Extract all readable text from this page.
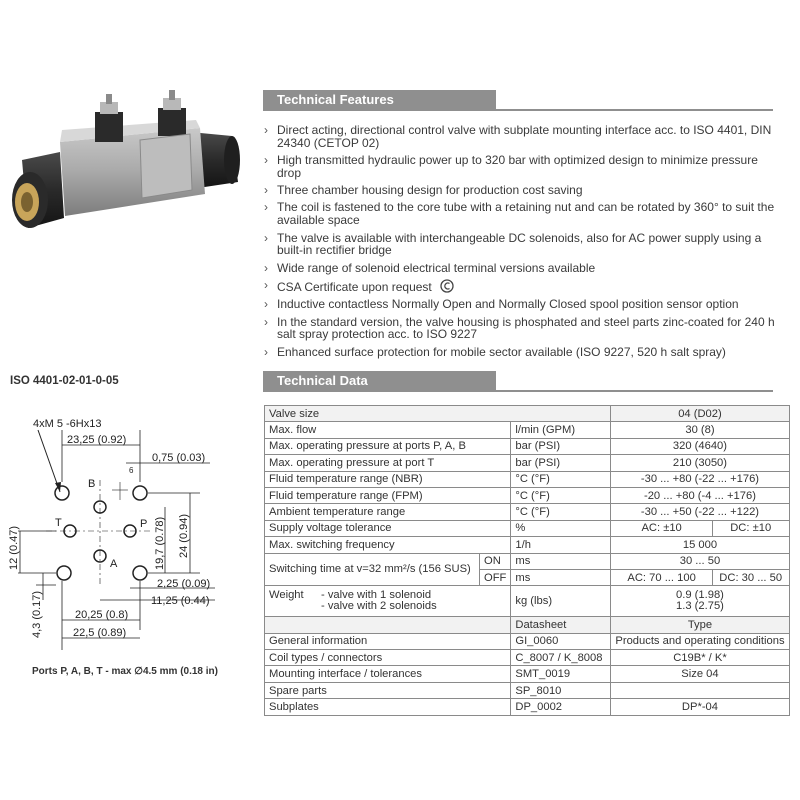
Technical Features
› Direct acting, directional control valve with subplate mounting interface acc. to ISO 4401, DIN 24340 (CETOP 02)
› High transmitted hydraulic power up to 320 bar with optimized design to minimize pressure drop
› Three chamber housing design for production cost saving
› The coil is fastened to the core tube with a retaining nut and can be rotated by 360° to suit the available space
› The valve is available with interchangeable DC solenoids, also for AC power supply using a built-in rectifier bridge
› Wide range of solenoid electrical terminal versions available
› CSA Certificate upon request
› Inductive contactless Normally Open and Normally Closed spool position sensor option
› In the standard version, the valve housing is phosphated and steel parts zinc-coated for 240 h salt spray protection acc. to ISO 9227
› Enhanced surface protection for mobile sector available (ISO 9227, 520 h salt spray)
Technical Data
Valve size			04 (D02)	
Max. flow		l/min (GPM)	30 (8)	
Max. operating pressure at ports P, A, B		bar (PSI)	320 (4640)	
Max. operating pressure at port T		bar (PSI)	210 (3050)	
Fluid temperature range (NBR)		°C (°F)	-30 ... +80 (-22 ... +176)	
Fluid temperature range (FPM)		°C (°F)	-20 ... +80 (-4 ... +176)	
Ambient temperature range		°C (°F)	-30 ... +50 (-22 ... +122)	
Supply voltage tolerance		%	AC: ±10	DC: ±10
Max. switching frequency		1/h	15 000	
Switching time at v=32 mm²/s (156 SUS)	ON	ms	30 ... 50	
	OFF	ms	AC: 70 ... 100	DC: 30 ... 50
Weight - valve with 1 solenoid
- valve with 2 solenoids		kg (lbs)	0.9 (1.98)
1.3 (2.75)	
		Datasheet	Type	
General information		GI_0060	Products and operating conditions	
Coil types / connectors		C_8007 / K_8008	C19B* / K*	
Mounting interface / tolerances		SMT_0019	Size 04	
Spare parts		SP_8010		
Subplates		DP_0002	DP*-04	
ISO 4401-02-01-0-05
4xM 5 -6Hx13
23,25 (0.92)
0,75 (0.03)
6
B
T	P
A
24 (0.94)
19,7 (0.78)
12 (0.47)
4,3 (0.17)
2,25 (0.09)
11,25 (0.44)
20,25 (0.8)
22,5 (0.89)
Ports P, A, B, T - max ∅4.5 mm (0.18 in)
